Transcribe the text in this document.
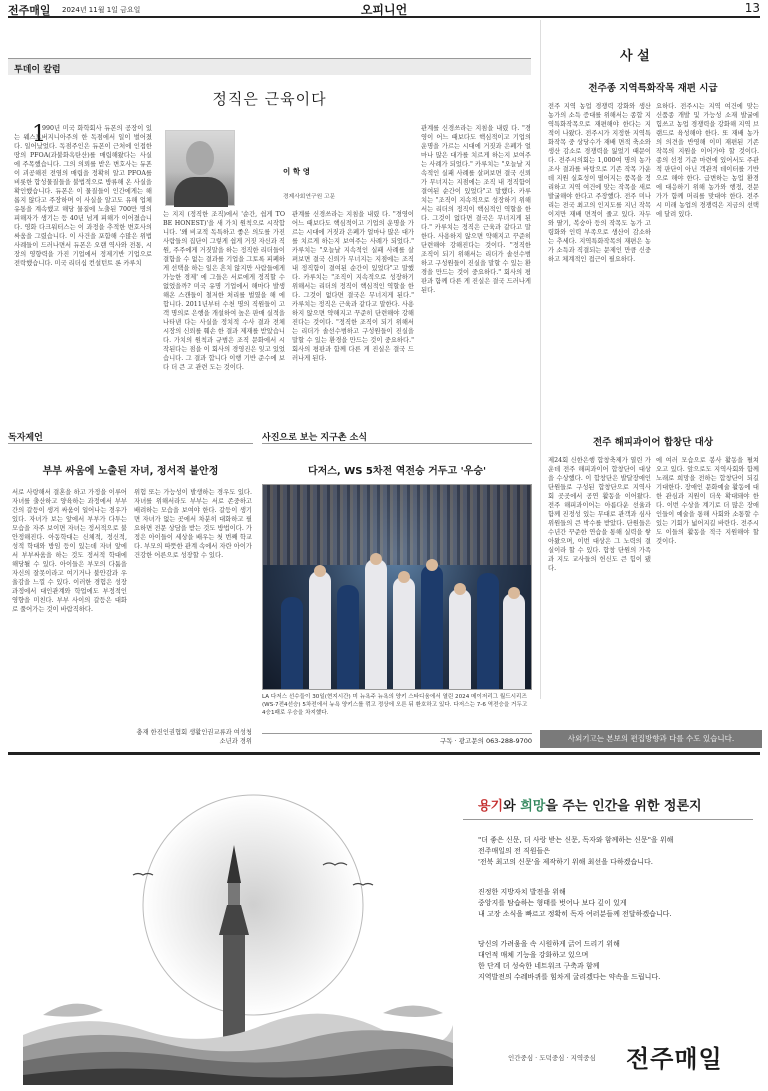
전주매일 2024년 11월 1일 금요일	오피니언	13
투데이 칼럼
정직은 근육이다
이 학 영
경제사회연구원 고문
1
990년 미국 화학회사 듀폰의 공장이 있는 웨스트버지니아주의 한 독점에서 일이 벌어졌다. 일어났었다. 독점주인은 듀폰이 근처에 인접한 땅의 PFOA(과불화옥탄산)를 매립해왔다는 사실에 주목했습니다. 그의 의뢰를 받은 변호사는 듀폰이 괴공해진 전염의 매립을 정확히 알고 PFOA를 비롯한 합성물질들을 불법적으로 방류해 온 사실을 확인했습니다. 듀폰은 이 물질들이 인간에게는 해롭지 않다고 주장하며 이 사실을 알고도 유해 업체 유통을 계속했고 해당 물질에 노출된 700만 명의 피해자가 생기는 등 40년 넘게 피해가 이어졌습니다. 영화 다크워터스는 이 과정을 추적한 변호사의 싸움을 그렸습니다. 이 사건을 포함해 수많은 위법 사례들이 드러나면서 듀폰은 오랜 역사와 전통, 시장의 영향력을 가진 기업에서 정제기반 기업으로 전락했습니다. 미국 리더십 컨설턴트 론 카루치
는 지지 (정직한 조직)에서 '순간, 쉽게 TO BE HONEST)'을 새 가치 원칙으로 시작합니다. '왜 비교적 독특하고 좋은 의도를 가진 사람들의 집단이 그렇게 쉽게 거짓 자신과 직원, 주주에게 거짓말을 하는 정직한 리더들이 결함을 수 없는 결과를 기업을 그토록 피폐하게 선택을 하는 일은 흔치 않지만 사람들에게 가능한 경제' 에 그들은 서로에게 정직할 수 없었을까? 미국 유명 기업에서 해마다 발생해온 스캔들이 철저한 처리를 벌였을 해 에 합니다. 2011년부터 수천 명의 직원들이 고객 명의로 은행을 개설하여 높은 판매 실적을 나타낸 다는 사실을 정치적 수사 결과 전체 시장의 신뢰를 훼손 한 결과 제재를 받았습니다. 가치의 원칙과 규범은 조직 문화에서 시작된다는 점을 이 회사의 경영진은 잊고 있었습니다. 그 결과 합니다 이행 기반 준수에 보다 더 큰 고 관련 도는 것이다.
관계를 신경쓰라는 지침을 내렸 다. "경영이 어느 때보다도 핵심적이고 기업의 운명을 가르는 시대에 거짓과 은폐가 얼마나 많은 대가를 치르게 하는지 보여주는 사례가 되었다." 카루치는 "오늘날 지속적인 실패 사례를 살펴보면 결국 신뢰가 무너지는 지점에는 조직 내 정직함이 결여된 순간이 있었다"고 말했다. 카루치는 "조직이 지속적으로 성장하기 위해서는 리더의 정직이 핵심적인 역할을 한다. 그것이 없다면 결국은 무너지게 된다." 카루치는 정직은 근육과 같다고 말한다. 사용하지 않으면 약해지고 꾸준히 단련해야 강해진다는 것이다. "정직한 조직이 되기 위해서는 리더가 솔선수범하고 구성원들이 진실을 말할 수 있는 환경을 만드는 것이 중요하다." 회사의 평판과 함께 다른 게 진실은 결국 드러나게 된다.
관계를 신경쓰라는 지침을 내렸 다. "경영이 어느 때보다도 핵심적이고 기업의 운명을 가르는 시대에 거짓과 은폐가 얼마나 많은 대가를 치르게 하는지 보여주는 사례가 되었다." 카루치는 "오늘날 지속적인 실패 사례를 살펴보면 결국 신뢰가 무너지는 지점에는 조직 내 정직함이 결여된 순간이 있었다"고 말했다. 카루치는 "조직이 지속적으로 성장하기 위해서는 리더의 정직이 핵심적인 역할을 한다. 그것이 없다면 결국은 무너지게 된다." 카루치는 정직은 근육과 같다고 말한다. 사용하지 않으면 약해지고 꾸준히 단련해야 강해진다는 것이다. "정직한 조직이 되기 위해서는 리더가 솔선수범하고 구성원들이 진실을 말할 수 있는 환경을 만드는 것이 중요하다." 회사의 평판과 함께 다른 게 진실은 결국 드러나게 된다.
사 설
전주종 지역특화작목 재편 시급
전주 지역 농업 경쟁력 강화와 생산 농가의 소득 증대를 위해서는 종합 지역특화작목으로 재편해야 한다는 지적이 나왔다. 전주시가 지정한 지역특화작목 중 상당수가 재배 면적 축소와 생산 감소로 경쟁력을 잃었기 때문이다. 전주시의회는 1,000여 명의 농가 조사 결과를 바탕으로 기존 작목 가운데 지원 실효성이 떨어지는 품목을 정리하고 지역 여건에 맞는 작목을 새로 발굴해야 한다고 주장했다. 전주 미나리는 전국 최고의 인지도를 지닌 작목이지만 재배 면적이 줄고 있다. 자두와 딸기, 복숭아 등의 작목도 농가 고령화와 인력 부족으로 생산이 감소하는 추세다. 지역특화작목의 재편은 농가 소득과 직결되는 문제인 만큼 신중하고 체계적인 접근이 필요하다.
요하다. 전주시는 지역 여건에 맞는 신품종 개발 및 가능성 소재 발굴에 힘쓰고 농업 경쟁력을 강화해 지역 브랜드로 육성해야 한다. 또 재배 농가의 의견을 반영해 이미 재편된 기존 작목의 지원을 이어가야 할 것이다. 종의 선정 기준 마련에 있어서도 주관적 판단이 아닌 객관적 데이터를 기반으로 해야 한다. 급변하는 농업 환경에 대응하기 위해 농가와 행정, 전문가가 함께 머리를 맞대야 한다. 전주시 미래 농업의 경쟁력은 지금의 선택에 달려 있다.
전주 해피과이어 합창단 대상
제24회 신한은행 합창축제가 열린 가운데 전주 해피과이어 합창단이 대상을 수상했다. 이 합창단은 발달장애인 단원들로 구성된 합창단으로 지역사회 곳곳에서 공연 활동을 이어왔다. 전주 해피과이어는 아름다운 선율과 함께 진정성 있는 무대로 관객과 심사위원들의 큰 박수를 받았다. 단원들은 수년간 꾸준한 연습을 통해 실력을 쌓아왔으며, 이번 대상은 그 노력의 결실이라 할 수 있다. 합창 단원의 가족과 지도 교사들의 헌신도 큰 힘이 됐다.
에 여러 모습으로 봉사 활동을 펼쳐 오고 있다. 앞으로도 지역사회와 함께 노래로 희망을 전하는 합창단이 되길 기대한다. 장애인 문화예술 활동에 대한 관심과 지원이 더욱 확대돼야 한다. 이번 수상을 계기로 더 많은 장애인들이 예술을 통해 사회와 소통할 수 있는 기회가 넓어지길 바란다. 전주시도 이들의 활동을 적극 지원해야 할 것이다.
독자제언
부부 싸움에 노출된 자녀, 정서적 불안정
서로 사랑해서 결혼을 하고 가정을 이루어 자녀를 출산하고 양육하는 과정에서 부부간의 갈등이 생겨 싸움이 일어나는 경우가 있다. 자녀가 보는 앞에서 부부가 다투는 모습을 자주 보이면 자녀는 정서적으로 불안정해진다. 아동학대는 신체적, 정신적, 성적 학대와 방임 등이 있는데 자녀 앞에서 부부싸움을 하는 것도 정서적 학대에 해당될 수 있다. 아이들은 부모의 다툼을 자신의 잘못이라고 여기거나 불안감과 우울감을 느낄 수 있다. 이러한 경험은 성장 과정에서 대인관계와 학업에도 부정적인 영향을 미친다. 부부 사이의 갈등은 대화로 풀어가는 것이 바람직하다.
위험 또는 가능성이 발생하는 경우도 있다. 자녀를 위해서라도 부부는 서로 존중하고 배려하는 모습을 보여야 한다. 갈등이 생기면 자녀가 없는 곳에서 차분히 대화하고 필요하면 전문 상담을 받는 것도 방법이다. 가정은 아이들이 세상을 배우는 첫 번째 학교다. 부모의 따뜻한 관계 속에서 자란 아이가 건강한 어른으로 성장할 수 있다.
충재 한진인권협회 생활인권교류과 여성청소년과 경위
사진으로 보는 지구촌 소식
다저스, WS 5차전 역전승 거두고 '우승'
LA 다저스 선수들이 30일(현지시간) 미 뉴욕주 뉴욕의 양키 스타디움에서 열린 2024 메이저리그 월드시리즈(WS·7전4선승) 5차전에서 뉴욕 양키스를 꺾고 정상에 오른 뒤 환호하고 있다. 다저스는 7-6 역전승을 거두고 4승1패로 우승을 차지했다.
구독 · 광고문의 063-288-9700	사외기고는 본보의 편집방향과 다를 수도 있습니다.
용기와 희망을 주는 인간을 위한 정론지
"더 좋은 신문, 더 사랑 받는 신문, 독자와 함께하는 신문"을 위해
전주매일의 전 직원들은
'전북 최고의 신문'을 제작하기 위해 최선을 다하겠습니다.
진정한 지방자치 발전을 위해
중앙지를 탐습하는 형태를 벗어나 보다 깊이 있게
내 고장 소식을 빠르고 정확히 독자 여러분들께 전달하겠습니다.
당신의 가려움을 속 시원하게 긁어 드리기 위해
대언적 매체 기능을 강화하고 있으며
한 단계 더 성숙한 네트워크 구축과 함께
지역발전의 수레바퀴를 힘차게 굴리겠다는 약속을 드립니다.
인간중심 · 도덕중심 · 지역중심 전주매일
